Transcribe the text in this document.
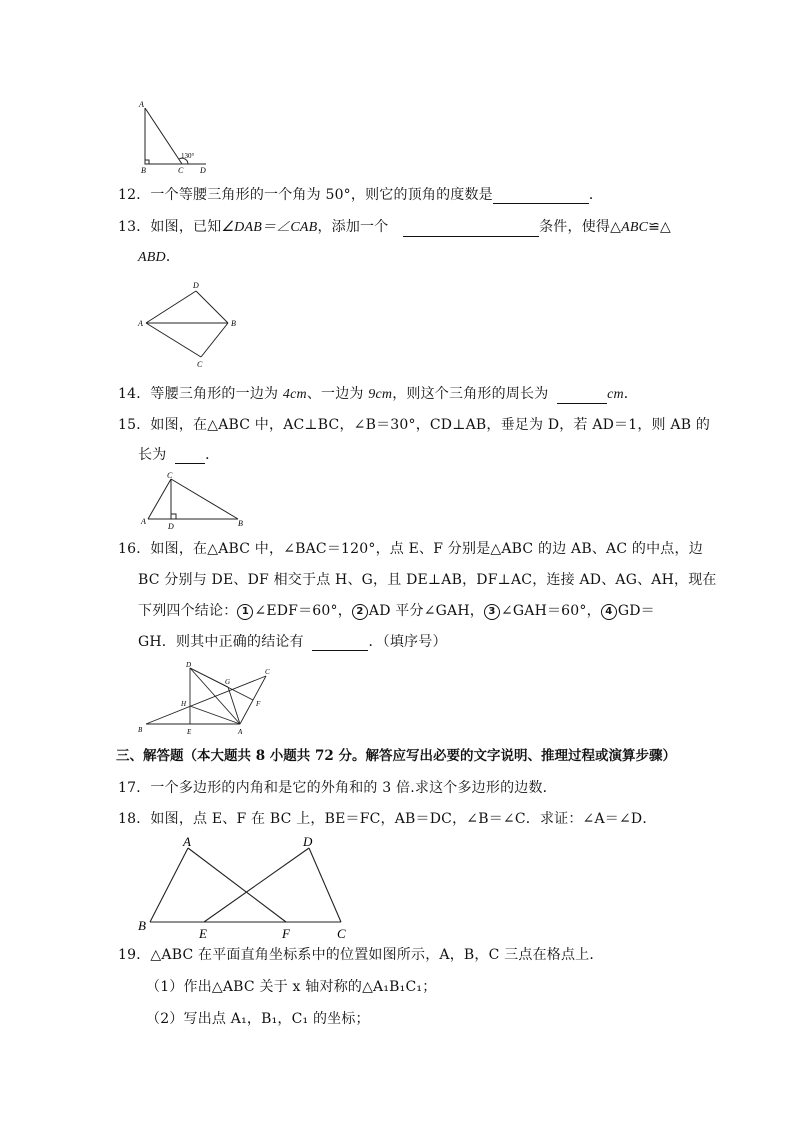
A
B	C D
130°
12．一个等腰三角形的一个角为 50°，则它的顶角的度数是	．
13．如图，已知∠DAB＝∠CAB，添加一个	条件，使得△ABC≌△
ABD．
A	B
C
D
14．等腰三角形的一边为 4cm、一边为 9cm，则这个三角形的周长为	cm．
15．如图，在△ABC 中，AC⊥BC，∠B＝30°，CD⊥AB，垂足为 D，若 AD＝1，则 AB 的
长为	．
A	B
C
D
16．如图，在△ABC 中，∠BAC＝120°，点 E、F 分别是△ABC 的边 AB、AC 的中点，边
BC 分别与 DE、DF 相交于点 H、G，且 DE⊥AB，DF⊥AC，连接 AD、AG、AH，现在
下列四个结论： 1 ∠EDF＝60°， 2 AD 平分∠GAH， 3 ∠GAH＝60°， 4 GD＝
GH．则其中正确的结论有	．（填序号）
B	A
C
D
E
F
G
H
三、解答题（本大题共 8 小题共 72 分。解答应写出必要的文字说明、推理过程或演算步骤）
17．一个多边形的内角和是它的外角和的 3 倍.求这个多边形的边数．
18．如图，点 E、F 在 BC 上，BE＝FC，AB＝DC，∠B＝∠C．求证：∠A＝∠D．
A	D
B
E	F	C
19．△ABC 在平面直角坐标系中的位置如图所示，A，B，C 三点在格点上．
（1）作出△ABC 关于 x 轴对称的△A₁B₁C₁；
（2）写出点 A₁，B₁，C₁ 的坐标；
